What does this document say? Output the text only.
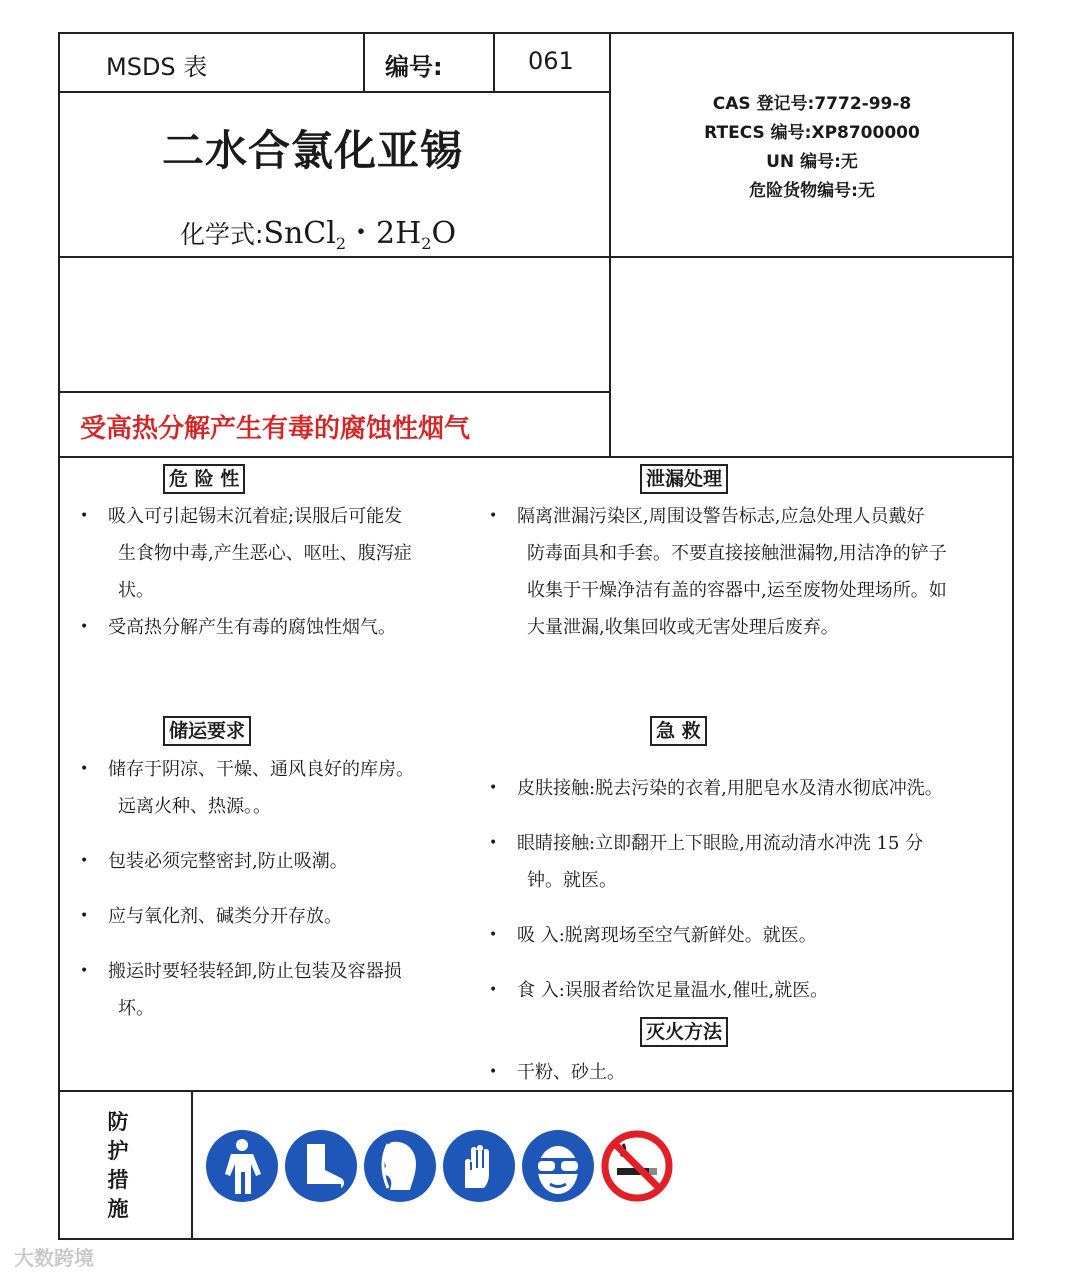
MSDS 表	编号:	061
二水合氯化亚锡
化学式:SnCl2・2H2O
CAS 登记号:7772-99-8
RTECS 编号:XP8700000
UN 编号:无
危险货物编号:无
受高热分解产生有毒的腐蚀性烟气
危 险 性
• 吸入可引起锡末沉着症;误服后可能发

生食物中毒,产生恶心、呕吐、腹泻症
状。
• 受高热分解产生有毒的腐蚀性烟气。
泄漏处理
• 隔离泄漏污染区,周围设警告标志,应急处理人员戴好

防毒面具和手套。不要直接接触泄漏物,用洁净的铲子
收集于干燥净洁有盖的容器中,运至废物处理场所。如
大量泄漏,收集回收或无害处理后废弃。
储运要求
• 储存于阴凉、干燥、通风良好的库房。

远离火种、热源。。
• 包装必须完整密封,防止吸潮。
• 应与氧化剂、碱类分开存放。
• 搬运时要轻装轻卸,防止包装及容器损

坏。
急 救
• 皮肤接触:脱去污染的衣着,用肥皂水及清水彻底冲洗。
• 眼睛接触:立即翻开上下眼睑,用流动清水冲洗 15 分

钟。就医。
• 吸 入:脱离现场至空气新鲜处。就医。
• 食 入:误服者给饮足量温水,催吐,就医。
灭火方法
• 干粉、砂土。
防
护
措
施
大数跨境
